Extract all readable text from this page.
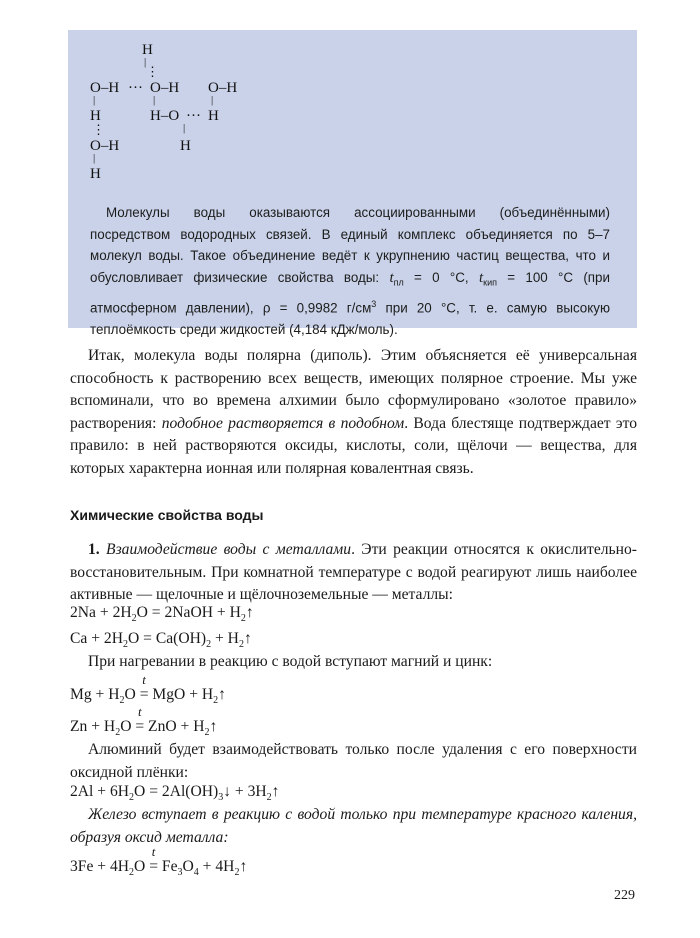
H
|
⋮
O–H ··· O–H O–H
|	|	|
H	H–O ··· H
⋮	|
O–H	H
|
H
Молекулы воды оказываются ассоциированными (объединёнными) посредством водородных связей. В единый комплекс объединяется по 5–7 молекул воды. Такое объединение ведёт к укрупнению частиц вещества, что и обусловливает физические свойства воды: $t_{пл} = 0$ °C, $t_{кип} = 100$ °C (при атмосферном давлении), ρ = 0,9982 $г/см^3$ при 20 °C, т. е. самую высокую теплоёмкость среди жидкостей (4,184 кДж/моль).
Итак, молекула воды полярна (диполь). Этим объясняется её универсальная способность к растворению всех веществ, имеющих полярное строение. Мы уже вспоминали, что во времена алхимии было сформулировано «золотое правило» растворения: подобное растворяется в подобном. Вода блестяще подтверждает это правило: в ней растворяются оксиды, кислоты, соли, щёлочи — вещества, для которых характерна ионная или полярная ковалентная связь.
Химические свойства воды
1. Взаимодействие воды с металлами. Эти реакции относятся к окислительно-восстановительным. При комнатной температуре с водой реагируют лишь наиболее активные — щелочные и щёлочноземельные — металлы:
$2Na + 2H_2O$ = 2NaOH + $H_2↑$
$Ca + 2H_2O = Ca(OH)_2$ + $H_2↑$
При нагревании в реакцию с водой вступают магний и цинк:
$Mg + H_2O$
t
= MgO + $H_2↑$
$Zn + H_2O$
t
= ZnO + $H_2↑$
Алюминий будет взаимодействовать только после удаления с его поверхности оксидной плёнки:
$2Al + 6H_2O$ = $2Al(OH)_3↓$ + $3H_2↑$
Железо вступает в реакцию с водой только при температуре красного каления, образуя оксид металла:
$3Fe + 4H_2O$
t
= $Fe_3O_4$ + $4H_2↑$
229
